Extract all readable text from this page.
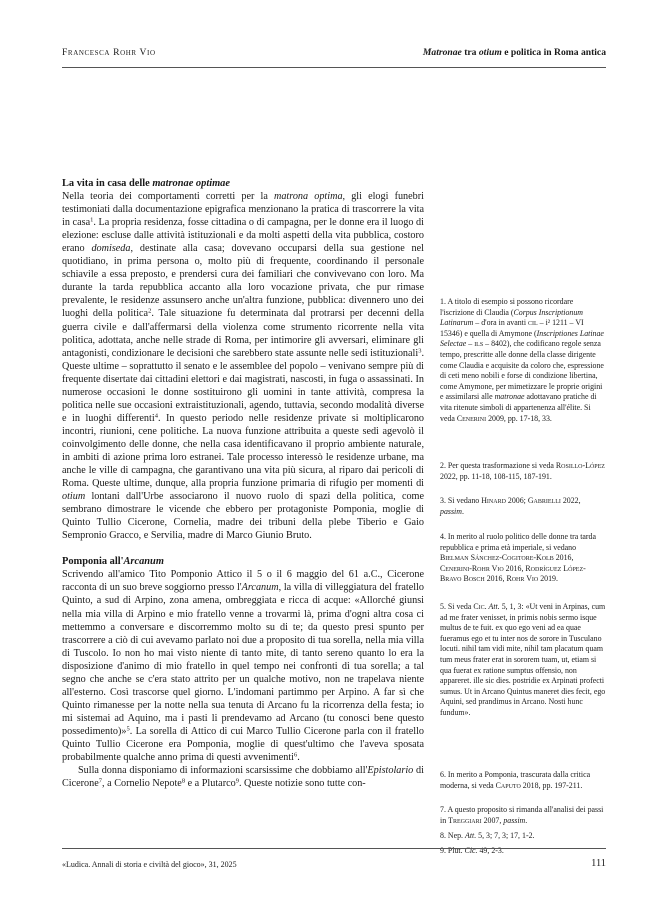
Francesca Rohr Vio	Matronae tra otium e politica in Roma antica
La vita in casa delle matronae optimae

Nella teoria dei comportamenti corretti per la matrona optima, gli elogi funebri testimoniati dalla documentazione epigrafica menzionano la pratica di trascorrere la vita in casa$^1$. La propria residenza, fosse cittadina o di campagna, per le donne era il luogo di elezione: escluse dalle attività istituzionali e da molti aspetti della vita pubblica, costoro erano domiseda, destinate alla casa; dovevano occuparsi della sua gestione nel quotidiano, in prima persona o, molto più di frequente, coordinando il personale schiavile a essa preposto, e prendersi cura dei familiari che convivevano con loro. Ma durante la tarda repubblica accanto alla loro vocazione privata, che pur rimase prevalente, le residenze assunsero anche un'altra funzione, pubblica: divennero uno dei luoghi della politica$^2$. Tale situazione fu determinata dal protrarsi per decenni della guerra civile e dall'affermarsi della violenza come strumento ricorrente nella vita politica, adottata, anche nelle strade di Roma, per intimorire gli avversari, eliminare gli antagonisti, condizionare le decisioni che sarebbero state assunte nelle sedi istituzionali$^3$. Queste ultime – soprattutto il senato e le assemblee del popolo – venivano sempre più di frequente disertate dai cittadini elettori e dai magistrati, nascosti, in fuga o assassinati. In numerose occasioni le donne sostituirono gli uomini in tante attività, compresa la politica nelle sue occasioni extraistituzionali, agendo, tuttavia, secondo modalità diverse e in luoghi differenti$^4$. In questo periodo nelle residenze private si moltiplicarono incontri, riunioni, cene politiche. La nuova funzione attribuita a queste sedi agevolò il coinvolgimento delle donne, che nella casa identificavano il proprio ambiente naturale, in ambiti di azione prima loro estranei. Tale processo interessò le residenze urbane, ma anche le ville di campagna, che garantivano una vita più sicura, al riparo dai pericoli di Roma. Queste ultime, dunque, alla propria funzione primaria di rifugio per momenti di otium lontani dall'Urbe associarono il nuovo ruolo di spazi della politica, come sembrano dimostrare le vicende che ebbero per protagoniste Pomponia, moglie di Quinto Tullio Cicerone, Cornelia, madre dei tribuni della plebe Tiberio e Gaio Sempronio Gracco, e Servilia, madre di Marco Giunio Bruto.

Pomponia all'Arcanum

Scrivendo all'amico Tito Pomponio Attico il 5 o il 6 maggio del 61 a.C., Cicerone racconta di un suo breve soggiorno presso l'Arcanum, la villa di villeggiatura del fratello Quinto, a sud di Arpino, zona amena, ombreggiata e ricca di acque: «Allorché giunsi nella mia villa di Arpino e mio fratello venne a trovarmi là, prima d'ogni altra cosa ci mettemmo a conversare e discorremmo molto su di te; da questo presi spunto per trascorrere a ciò di cui avevamo parlato noi due a proposito di tua sorella, nella mia villa di Tuscolo. Io non ho mai visto niente di tanto mite, di tanto sereno quanto lo era la disposizione d'animo di mio fratello in quel tempo nei confronti di tua sorella; a tal segno che anche se c'era stato attrito per un qualche motivo, non ne trapelava niente all'esterno. Così trascorse quel giorno. L'indomani partimmo per Arpino. A far sì che Quinto rimanesse per la notte nella sua tenuta di Arcano fu la ricorrenza della festa; io mi sistemai ad Aquino, ma i pasti li prendevamo ad Arcano (tu conosci bene questo possedimento)»$^5$. La sorella di Attico di cui Marco Tullio Cicerone parla con il fratello Quinto Tullio Cicerone era Pomponia, moglie di quest'ultimo che l'aveva sposata probabilmente qualche anno prima di questi avvenimenti$^6$.

Sulla donna disponiamo di informazioni scarsissime che dobbiamo all'Epistolario di Cicerone$^7$, a Cornelio Nepote$^8$ e a Plutarco$^9$. Queste notizie sono tutte con-

1. A titolo di esempio si possono ricordare l'iscrizione di Claudia (Corpus Inscriptionum Latinarum – d'ora in avanti cil – i² 1211 – VI 15346) e quella di Amymone (Inscriptiones Latinae Selectae – ils – 8402), che codificano regole senza tempo, prescritte alle donne della classe dirigente come Claudia e acquisite da coloro che, espressione di ceti meno nobili e forse di condizione libertina, come Amymone, per mimetizzare le proprie origini e assimilarsi alle matronae adottavano pratiche di vita ritenute simboli di appartenenza all'élite. Si veda Cenerini 2009, pp. 17-18, 33.
2. Per questa trasformazione si veda Rosillo-López 2022, pp. 11-18, 108-115, 187-191.
3. Si vedano Hinard 2006; Gabrielli 2022, passim.
4. In merito al ruolo politico delle donne tra tarda repubblica e prima età imperiale, si vedano Bielman Sánchez-Cogitore-Kolb 2016, Cenerini-Rohr Vio 2016, Rodríguez López-Bravo Bosch 2016, Rohr Vio 2019.
5. Si veda Cic. Att. 5, 1, 3: «Ut veni in Arpinas, cum ad me frater venisset, in primis nobis sermo isque multus de te fuit. ex quo ego veni ad ea quae fueramus ego et tu inter nos de sorore in Tusculano locuti. nihil tam vidi mite, nihil tam placatum quam tum meus frater erat in sororem tuam, ut, etiam si qua fuerat ex ratione sumptus offensio, non appareret. ille sic dies. postridie ex Arpinati profecti sumus. Ut in Arcano Quintus maneret dies fecit, ego Aquini, sed prandimus in Arcano. Nosti hunc fundum».
6. In merito a Pomponia, trascurata dalla critica moderna, si veda Caputo 2018, pp. 197-211.
7. A questo proposito si rimanda all'analisi dei passi in Treggiari 2007, passim.
8. Nep. Att. 5, 3; 7, 3; 17, 1-2.
9. Plut. Cic. 49, 2-3.
«Ludica. Annali di storia e civiltà del gioco», 31, 2025	111
